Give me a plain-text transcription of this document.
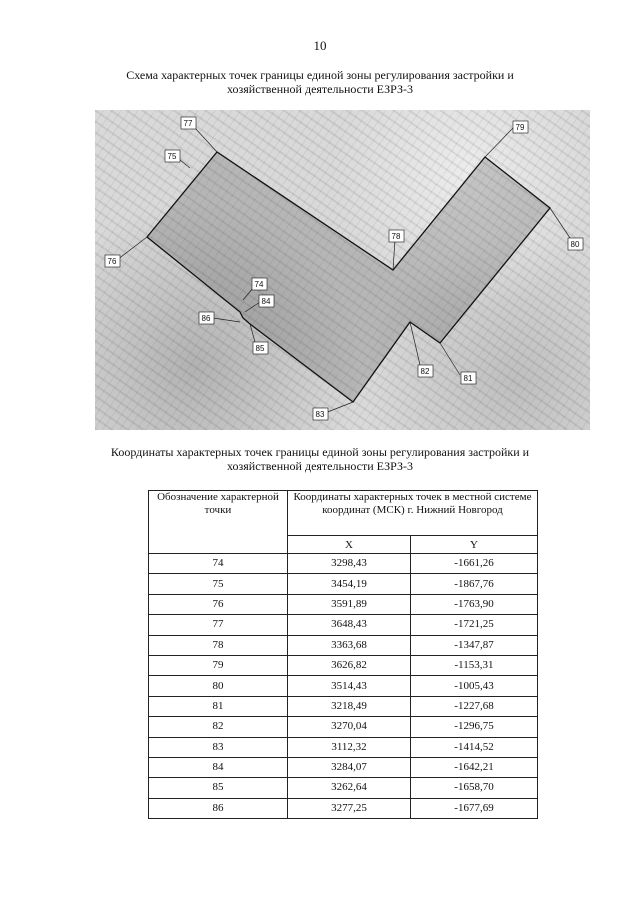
10
Схема характерных точек границы единой зоны регулирования застройки и хозяйственной деятельности ЕЗРЗ-3
77
75
76
78
79
80
81
82
83
74
84
85
86
Координаты характерных точек границы единой зоны регулирования застройки и хозяйственной деятельности ЕЗРЗ-3
Обозначение характерной точки	Координаты характерных точек в местной системе координат (МСК) г. Нижний Новгород	
	X	Y
74	3298,43	-1661,26
75	3454,19	-1867,76
76	3591,89	-1763,90
77	3648,43	-1721,25
78	3363,68	-1347,87
79	3626,82	-1153,31
80	3514,43	-1005,43
81	3218,49	-1227,68
82	3270,04	-1296,75
83	3112,32	-1414,52
84	3284,07	-1642,21
85	3262,64	-1658,70
86	3277,25	-1677,69
